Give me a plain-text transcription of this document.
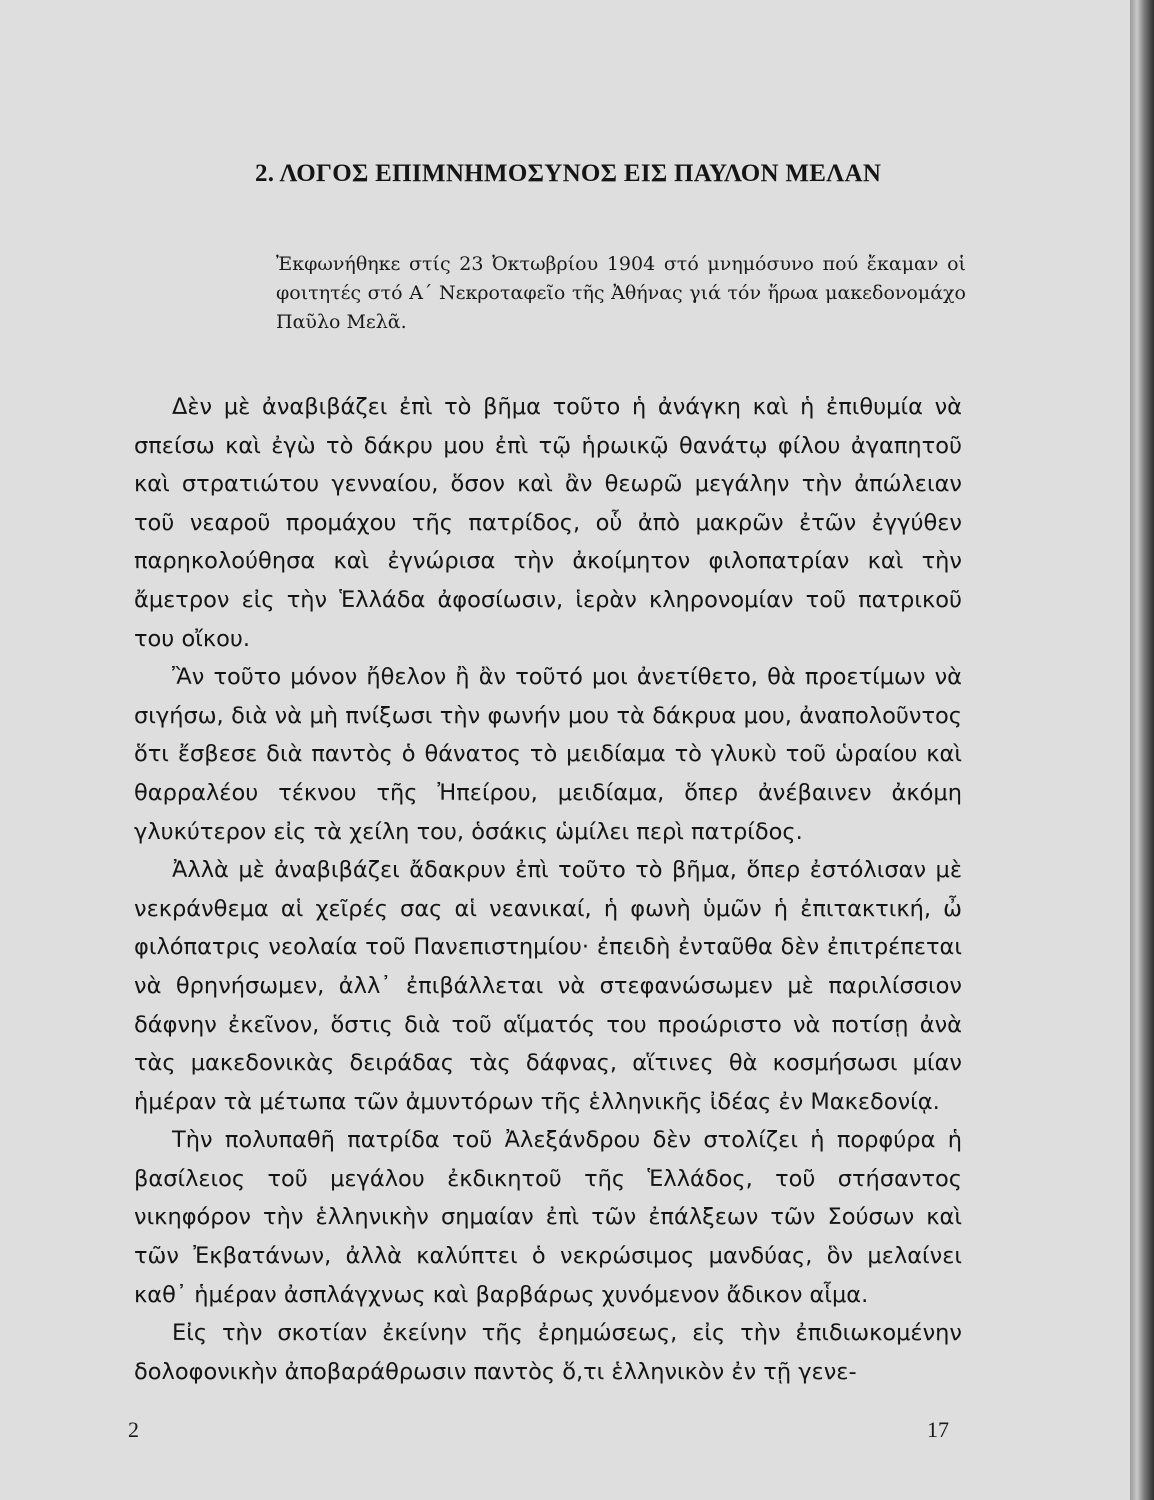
2. ΛΟΓΟΣ ΕΠΙΜΝΗΜΟΣΥΝΟΣ ΕΙΣ ΠΑΥΛΟΝ ΜΕΛΑΝ
Ἐκφωνήθηκε στίς 23 Ὀκτωβρίου 1904 στό μνημόσυνο πού ἔκαμαν οἱ φοιτητές στό Α΄ Νεκροταφεῖο τῆς Ἀθήνας γιά τόν ἥρωα μακεδονομάχο Παῦλο Μελᾶ.

Δὲν μὲ ἀναβιβάζει ἐπὶ τὸ βῆμα τοῦτο ἡ ἀνάγκη καὶ ἡ ἐπιθυμία νὰ σπείσω καὶ ἐγὼ τὸ δάκρυ μου ἐπὶ τῷ ἡρωικῷ θανάτῳ φίλου ἀγαπητοῦ καὶ στρατιώτου γενναίου, ὅσον καὶ ἂν θεωρῶ μεγάλην τὴν ἀπώλειαν τοῦ νεαροῦ προμάχου τῆς πατρίδος, οὗ ἀπὸ μακρῶν ἐτῶν ἐγγύθεν παρηκολούθησα καὶ ἐγνώρισα τὴν ἀκοίμητον φιλοπατρίαν καὶ τὴν ἄμετρον εἰς τὴν Ἑλλάδα ἀφοσίωσιν, ἱερὰν κληρονομίαν τοῦ πατρικοῦ του οἴκου.

Ἂν τοῦτο μόνον ἤθελον ἢ ἂν τοῦτό μοι ἀνετίθετο, θὰ προετίμων νὰ σιγήσω, διὰ νὰ μὴ πνίξωσι τὴν φωνήν μου τὰ δάκρυα μου, ἀναπολοῦντος ὅτι ἔσβεσε διὰ παντὸς ὁ θάνατος τὸ μειδίαμα τὸ γλυκὺ τοῦ ὡραίου καὶ θαρραλέου τέκνου τῆς Ἠπείρου, μειδίαμα, ὅπερ ἀνέβαινεν ἀκόμη γλυκύτερον εἰς τὰ χείλη του, ὁσάκις ὡμίλει περὶ πατρίδος.

Ἀλλὰ μὲ ἀναβιβάζει ἄδακρυν ἐπὶ τοῦτο τὸ βῆμα, ὅπερ ἐστόλισαν μὲ νεκράνθεμα αἱ χεῖρές σας αἱ νεανικαί, ἡ φωνὴ ὑμῶν ἡ ἐπιτακτική, ὦ φιλόπατρις νεολαία τοῦ Πανεπιστημίου· ἐπειδὴ ἐνταῦθα δὲν ἐπιτρέπεται νὰ θρηνήσωμεν, ἀλλ᾽ ἐπιβάλλεται νὰ στεφανώσωμεν μὲ παριλίσσιον δάφνην ἐκεῖνον, ὅστις διὰ τοῦ αἵματός του προώριστο νὰ ποτίσῃ ἀνὰ τὰς μακεδονικὰς δειράδας τὰς δάφνας, αἵτινες θὰ κοσμήσωσι μίαν ἡμέραν τὰ μέτωπα τῶν ἀμυντόρων τῆς ἑλληνικῆς ἰδέας ἐν Μακεδονίᾳ.

Τὴν πολυπαθῆ πατρίδα τοῦ Ἀλεξάνδρου δὲν στολίζει ἡ πορφύρα ἡ βασίλειος τοῦ μεγάλου ἐκδικητοῦ τῆς Ἑλλάδος, τοῦ στήσαντος νικηφόρον τὴν ἑλληνικὴν σημαίαν ἐπὶ τῶν ἐπάλξεων τῶν Σούσων καὶ τῶν Ἐκβατάνων, ἀλλὰ καλύπτει ὁ νεκρώσιμος μανδύας, ὃν μελαίνει καθ᾽ ἡμέραν ἀσπλάγχνως καὶ βαρβάρως χυνόμενον ἄδικον αἷμα.

Εἰς τὴν σκοτίαν ἐκείνην τῆς ἐρημώσεως, εἰς τὴν ἐπιδιωκομένην δολοφονικὴν ἀποβαράθρωσιν παντὸς ὅ,τι ἑλληνικὸν ἐν τῇ γενε-

2	17
